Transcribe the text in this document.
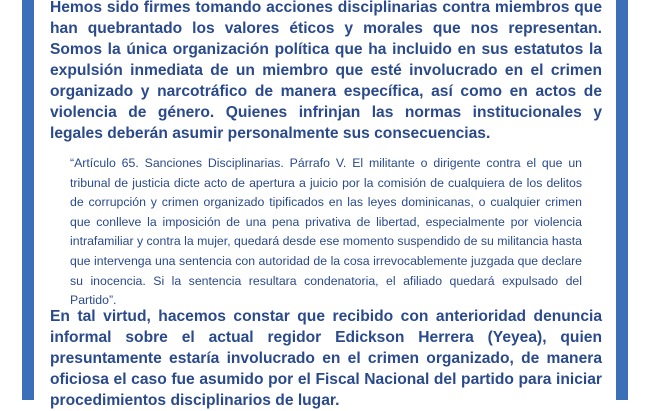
Hemos sido firmes tomando acciones disciplinarias contra miembros que han quebrantado los valores éticos y morales que nos representan. Somos la única organización política que ha incluido en sus estatutos la expulsión inmediata de un miembro que esté involucrado en el crimen organizado y narcotráfico de manera específica, así como en actos de violencia de género. Quienes infrinjan las normas institucionales y legales deberán asumir personalmente sus consecuencias.

“Artículo 65. Sanciones Disciplinarias. Párrafo V. El militante o dirigente contra el que un tribunal de justicia dicte acto de apertura a juicio por la comisión de cualquiera de los delitos de corrupción y crimen organizado tipificados en las leyes dominicanas, o cualquier crimen que conlleve la imposición de una pena privativa de libertad, especialmente por violencia intrafamiliar y contra la mujer, quedará desde ese momento suspendido de su militancia hasta que intervenga una sentencia con autoridad de la cosa irrevocablemente juzgada que declare su inocencia. Si la sentencia resultara condenatoria, el afiliado quedará expulsado del Partido”.

En tal virtud, hacemos constar que recibido con anterioridad denuncia informal sobre el actual regidor Edickson Herrera (Yeyea), quien presuntamente estaría involucrado en el crimen organizado, de manera oficiosa el caso fue asumido por el Fiscal Nacional del partido para iniciar procedimientos disciplinarios de lugar.
